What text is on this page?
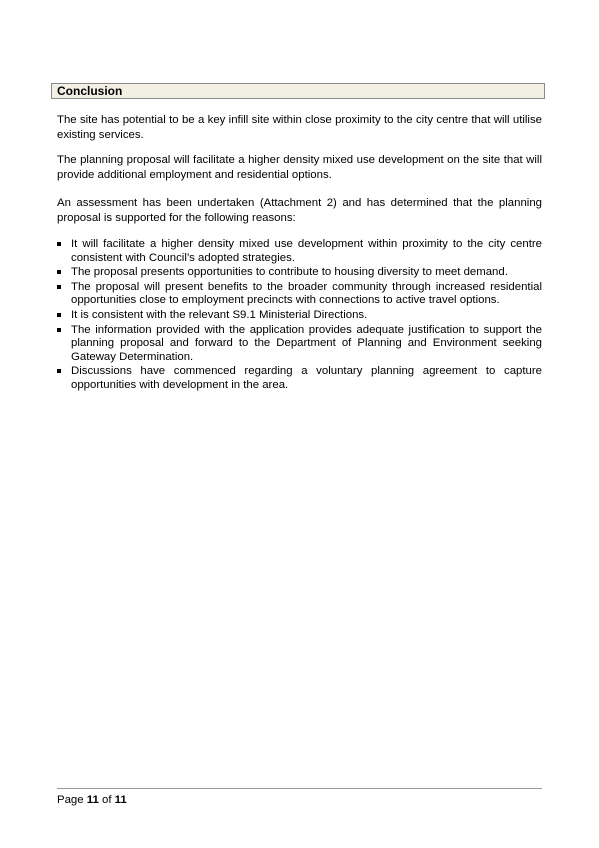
Conclusion
The site has potential to be a key infill site within close proximity to the city centre that will utilise existing services.
The planning proposal will facilitate a higher density mixed use development on the site that will provide additional employment and residential options.
An assessment has been undertaken (Attachment 2) and has determined that the planning proposal is supported for the following reasons:
It will facilitate a higher density mixed use development within proximity to the city centre consistent with Council’s adopted strategies.
The proposal presents opportunities to contribute to housing diversity to meet demand.
The proposal will present benefits to the broader community through increased residential opportunities close to employment precincts with connections to active travel options.
It is consistent with the relevant S9.1 Ministerial Directions.
The information provided with the application provides adequate justification to support the planning proposal and forward to the Department of Planning and Environment seeking Gateway Determination.
Discussions have commenced regarding a voluntary planning agreement to capture opportunities with development in the area.
Page 11 of 11
